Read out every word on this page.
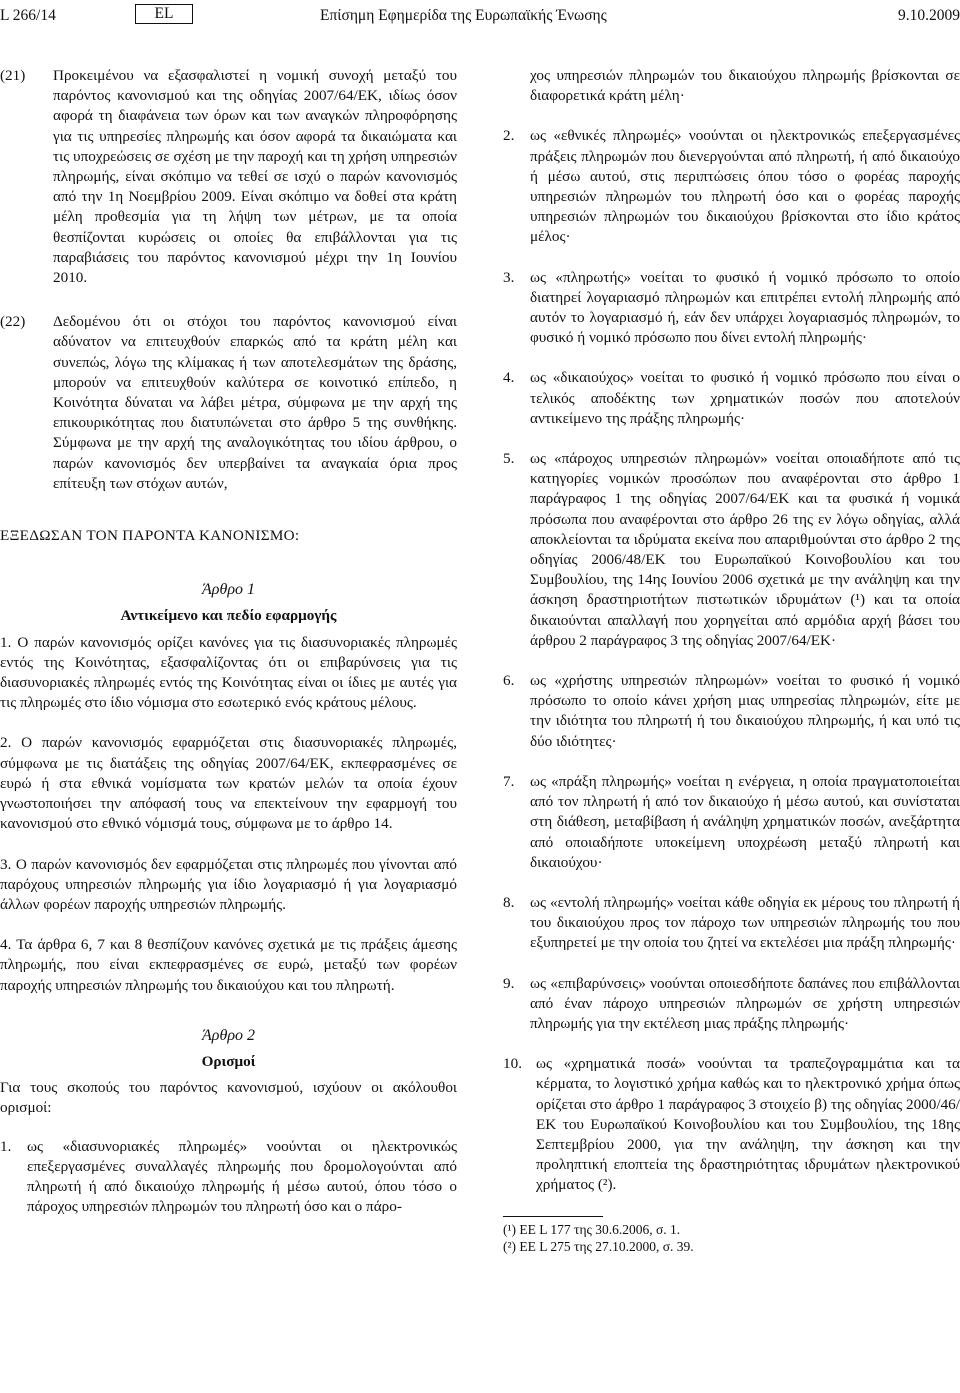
L 266/14	EL	Επίσημη Εφημερίδα της Ευρωπαϊκής Ένωσης	9.10.2009
(21) Προκειμένου να εξασφαλιστεί η νομική συνοχή μεταξύ του παρόντος κανονισμού και της οδηγίας 2007/64/ΕΚ, ιδίως όσον αφορά τη διαφάνεια των όρων και των αναγκών πληροφόρησης για τις υπηρεσίες πληρωμής και όσον αφορά τα δικαιώματα και τις υποχρεώσεις σε σχέση με την παροχή και τη χρήση υπηρεσιών πληρωμής, είναι σκόπιμο να τεθεί σε ισχύ ο παρών κανονισμός από την 1η Νοεμβρίου 2009. Είναι σκόπιμο να δοθεί στα κράτη μέλη προθεσμία για τη λήψη των μέτρων, με τα οποία θεσπίζονται κυρώσεις οι οποίες θα επιβάλλονται για τις παραβιάσεις του παρόντος κανονισμού μέχρι την 1η Ιουνίου 2010.
(22) Δεδομένου ότι οι στόχοι του παρόντος κανονισμού είναι αδύνατον να επιτευχθούν επαρκώς από τα κράτη μέλη και συνεπώς, λόγω της κλίμακας ή των αποτελεσμάτων της δράσης, μπορούν να επιτευχθούν καλύτερα σε κοινοτικό επίπεδο, η Κοινότητα δύναται να λάβει μέτρα, σύμφωνα με την αρχή της επικουρικότητας που διατυπώνεται στο άρθρο 5 της συνθήκης. Σύμφωνα με την αρχή της αναλογικότητας του ιδίου άρθρου, ο παρών κανονισμός δεν υπερβαίνει τα αναγκαία όρια προς επίτευξη των στόχων αυτών,
ΕΞΕΔΩΣΑΝ ΤΟΝ ΠΑΡΟΝΤΑ ΚΑΝΟΝΙΣΜΟ:
Άρθρο 1
Αντικείμενο και πεδίο εφαρμογής
1. Ο παρών κανονισμός ορίζει κανόνες για τις διασυνοριακές πληρωμές εντός της Κοινότητας, εξασφαλίζοντας ότι οι επιβαρύνσεις για τις διασυνοριακές πληρωμές εντός της Κοινότητας είναι οι ίδιες με αυτές για τις πληρωμές στο ίδιο νόμισμα στο εσωτερικό ενός κράτους μέλους.
2. Ο παρών κανονισμός εφαρμόζεται στις διασυνοριακές πληρωμές, σύμφωνα με τις διατάξεις της οδηγίας 2007/64/ΕΚ, εκπεφρασμένες σε ευρώ ή στα εθνικά νομίσματα των κρατών μελών τα οποία έχουν γνωστοποιήσει την απόφασή τους να επεκτείνουν την εφαρμογή του κανονισμού στο εθνικό νόμισμά τους, σύμφωνα με το άρθρο 14.
3. Ο παρών κανονισμός δεν εφαρμόζεται στις πληρωμές που γίνονται από παρόχους υπηρεσιών πληρωμής για ίδιο λογαριασμό ή για λογαριασμό άλλων φορέων παροχής υπηρεσιών πληρωμής.
4. Τα άρθρα 6, 7 και 8 θεσπίζουν κανόνες σχετικά με τις πράξεις άμεσης πληρωμής, που είναι εκπεφρασμένες σε ευρώ, μεταξύ των φορέων παροχής υπηρεσιών πληρωμής του δικαιούχου και του πληρωτή.
Άρθρο 2
Ορισμοί
Για τους σκοπούς του παρόντος κανονισμού, ισχύουν οι ακόλουθοι ορισμοί:
1. ως «διασυνοριακές πληρωμές» νοούνται οι ηλεκτρονικώς επεξεργασμένες συναλλαγές πληρωμής που δρομολογούνται από πληρωτή ή από δικαιούχο πληρωμής ή μέσω αυτού, όπου τόσο ο πάροχος υπηρεσιών πληρωμών του πληρωτή όσο και ο πάρο-
χος υπηρεσιών πληρωμών του δικαιούχου πληρωμής βρίσκονται σε διαφορετικά κράτη μέλη·
2. ως «εθνικές πληρωμές» νοούνται οι ηλεκτρονικώς επεξεργασμένες πράξεις πληρωμών που διενεργούνται από πληρωτή, ή από δικαιούχο ή μέσω αυτού, στις περιπτώσεις όπου τόσο ο φορέας παροχής υπηρεσιών πληρωμών του πληρωτή όσο και ο φορέας παροχής υπηρεσιών πληρωμών του δικαιούχου βρίσκονται στο ίδιο κράτος μέλος·
3. ως «πληρωτής» νοείται το φυσικό ή νομικό πρόσωπο το οποίο διατηρεί λογαριασμό πληρωμών και επιτρέπει εντολή πληρωμής από αυτόν το λογαριασμό ή, εάν δεν υπάρχει λογαριασμός πληρωμών, το φυσικό ή νομικό πρόσωπο που δίνει εντολή πληρωμής·
4. ως «δικαιούχος» νοείται το φυσικό ή νομικό πρόσωπο που είναι ο τελικός αποδέκτης των χρηματικών ποσών που αποτελούν αντικείμενο της πράξης πληρωμής·
5. ως «πάροχος υπηρεσιών πληρωμών» νοείται οποιαδήποτε από τις κατηγορίες νομικών προσώπων που αναφέρονται στο άρθρο 1 παράγραφος 1 της οδηγίας 2007/64/ΕΚ και τα φυσικά ή νομικά πρόσωπα που αναφέρονται στο άρθρο 26 της εν λόγω οδηγίας, αλλά αποκλείονται τα ιδρύματα εκείνα που απαριθμούνται στο άρθρο 2 της οδηγίας 2006/48/ΕΚ του Ευρωπαϊκού Κοινοβουλίου και του Συμβουλίου, της 14ης Ιουνίου 2006 σχετικά με την ανάληψη και την άσκηση δραστηριοτήτων πιστωτικών ιδρυμάτων (¹) και τα οποία δικαιούνται απαλλαγή που χορηγείται από αρμόδια αρχή βάσει του άρθρου 2 παράγραφος 3 της οδηγίας 2007/64/ΕΚ·
6. ως «χρήστης υπηρεσιών πληρωμών» νοείται το φυσικό ή νομικό πρόσωπο το οποίο κάνει χρήση μιας υπηρεσίας πληρωμών, είτε με την ιδιότητα του πληρωτή ή του δικαιούχου πληρωμής, ή και υπό τις δύο ιδιότητες·
7. ως «πράξη πληρωμής» νοείται η ενέργεια, η οποία πραγματοποιείται από τον πληρωτή ή από τον δικαιούχο ή μέσω αυτού, και συνίσταται στη διάθεση, μεταβίβαση ή ανάληψη χρηματικών ποσών, ανεξάρτητα από οποιαδήποτε υποκείμενη υποχρέωση μεταξύ πληρωτή και δικαιούχου·
8. ως «εντολή πληρωμής» νοείται κάθε οδηγία εκ μέρους του πληρωτή ή του δικαιούχου προς τον πάροχο των υπηρεσιών πληρωμής του που εξυπηρετεί με την οποία του ζητεί να εκτελέσει μια πράξη πληρωμής·
9. ως «επιβαρύνσεις» νοούνται οποιεσδήποτε δαπάνες που επιβάλλονται από έναν πάροχο υπηρεσιών πληρωμών σε χρήστη υπηρεσιών πληρωμής για την εκτέλεση μιας πράξης πληρωμής·
10. ως «χρηματικά ποσά» νοούνται τα τραπεζογραμμάτια και τα κέρματα, το λογιστικό χρήμα καθώς και το ηλεκτρονικό χρήμα όπως ορίζεται στο άρθρο 1 παράγραφος 3 στοιχείο β) της οδηγίας 2000/46/ΕΚ του Ευρωπαϊκού Κοινοβουλίου και του Συμβουλίου, της 18ης Σεπτεμβρίου 2000, για την ανάληψη, την άσκηση και την προληπτική εποπτεία της δραστηριότητας ιδρυμάτων ηλεκτρονικού χρήματος (²).
(¹) ΕΕ L 177 της 30.6.2006, σ. 1.
(²) ΕΕ L 275 της 27.10.2000, σ. 39.
